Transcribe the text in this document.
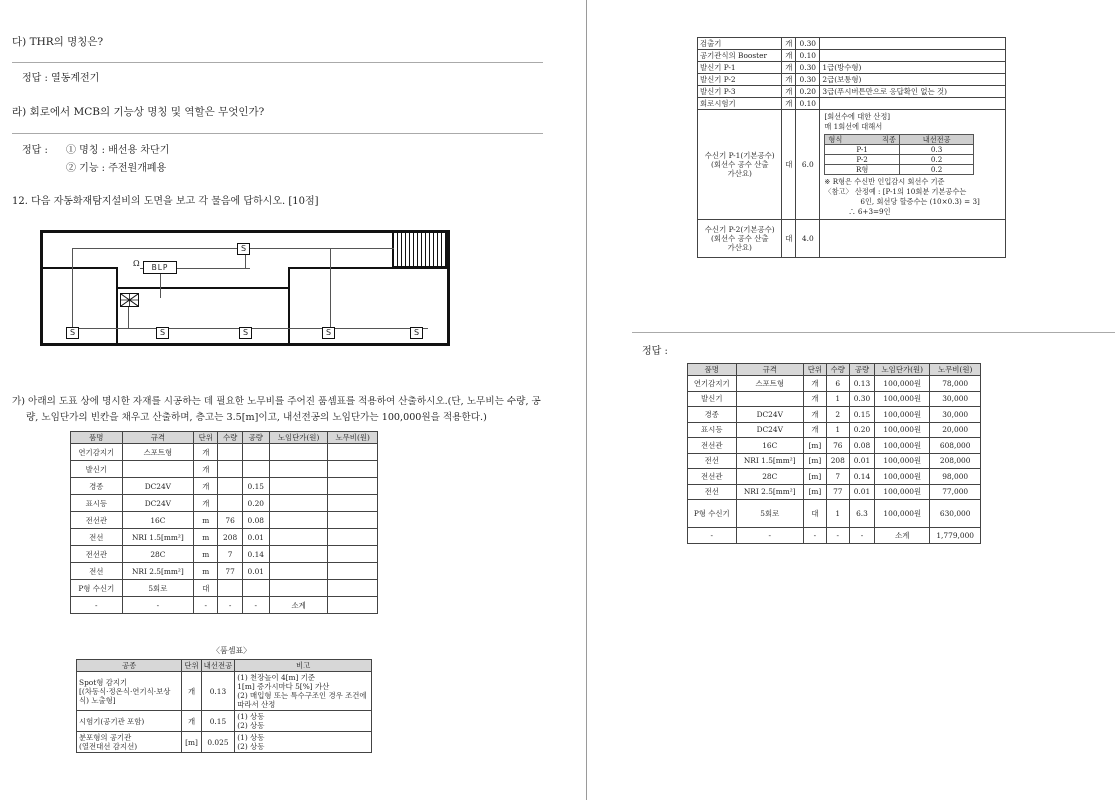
다) THR의 명칭은?
정답 : 열동계전기
라) 회로에서 MCB의 기능상 명칭 및 역할은 무엇인가?
정답 : ① 명칭 : 배선용 차단기
② 기능 : 주전원개폐용
12. 다음 자동화재탐지설비의 도면을 보고 각 물음에 답하시오. [10점]
S
S	S	S	S	S
Ω	BLP
가) 아래의 도표 상에 명시한 자재를 시공하는 데 필요한 노무비를 주어진 품셈표를 적용하여 산출하시오.(단, 노무비는 수량, 공
량, 노임단가의 빈칸을 채우고 산출하며, 층고는 3.5[m]이고, 내선전공의 노임단가는 100,000원을 적용한다.)
품명	규격	단위	수량	공량	노임단가(원)	노무비(원)
연기감지기	스포트형	개				
발신기		개				
경종	DC24V	개		0.15		
표시등	DC24V	개		0.20		
전선관	16C	m	76	0.08		
전선	NRI 1.5[mm²]	m	208	0.01		
전선관	28C	m	7	0.14		
전선	NRI 2.5[mm²]	m	77	0.01		
P형 수신기	5회로	대				
-	-	-	-	-	소계	
〈품셈표〉
공종	단위	내선전공	비고
Spot형 감지기
[(차동식·정온식·연기식·보상식) 노출형]	개	0.13	(1) 천장높이 4[m] 기준
1[m] 증가시마다 5[%] 가산
(2) 매입형 또는 특수구조인 경우 조건에 따라서 산정
시험기(공기관 포함)	개	0.15	(1) 상동
(2) 상동
분포형의 공기관
(열전대선 감지선)	[m]	0.025	(1) 상동
(2) 상동
검출기	개	0.30	
공기관식의 Booster	개	0.10	
발신기 P-1	개	0.30	1급(방수형)
발신기 P-2	개	0.30	2급(보통형)
발신기 P-3	개	0.20	3급(푸시버튼만으로 응답확인 없는 것)
회로시험기	개	0.10	
수신기 P-1(기본공수)
(회선수 공수 산출
가산요)	대	6.0	
[회선수에 대한 산정]
매 1회선에 대해서
형식	직종	내선전공
P-1	0.3
P-2	0.2
R형	0.2
※ R형은 수신반 인입감시 회선수 기준
〈참고〉 산정예 : [P-1의 10회분 기본공수는
6인, 회선당 할증수는 (10×0.3) = 3]
∴ 6+3=9인

수신기 P-2(기본공수)
(회선수 공수 산출
가산요)	대	4.0	
정답 :
품명	규격	단위	수량	공량	노임단가(원)	노무비(원)
연기감지기	스포트형	개	6	0.13	100,000원	78,000
발신기		개	1	0.30	100,000원	30,000
경종	DC24V	개	2	0.15	100,000원	30,000
표시등	DC24V	개	1	0.20	100,000원	20,000
전선관	16C	[m]	76	0.08	100,000원	608,000
전선	NRI 1.5[mm²]	[m]	208	0.01	100,000원	208,000
전선관	28C	[m]	7	0.14	100,000원	98,000
전선	NRI 2.5[mm²]	[m]	77	0.01	100,000원	77,000
P형 수신기	5회로	대	1	6.3	100,000원	630,000
-	-	-	-	-	소계	1,779,000
